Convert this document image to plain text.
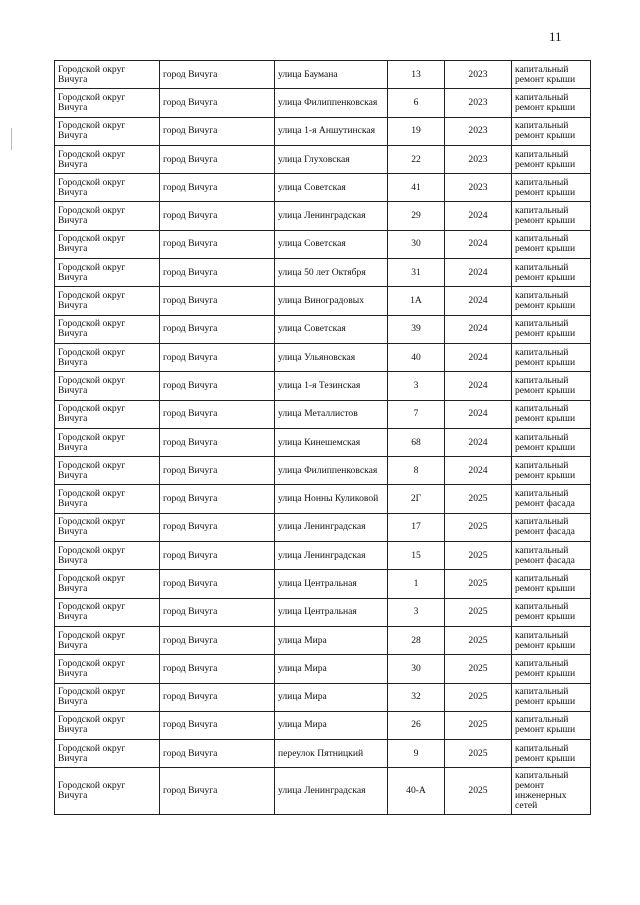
11
Городской округ Вичуга	город Вичуга	улица Баумана	13	2023	капитальный ремонт крыши
Городской округ Вичуга	город Вичуга	улица Филиппенковская	6	2023	капитальный ремонт крыши
Городской округ Вичуга	город Вичуга	улица 1-я Аншутинская	19	2023	капитальный ремонт крыши
Городской округ Вичуга	город Вичуга	улица Глуховская	22	2023	капитальный ремонт крыши
Городской округ Вичуга	город Вичуга	улица Советская	41	2023	капитальный ремонт крыши
Городской округ Вичуга	город Вичуга	улица Ленинградская	29	2024	капитальный ремонт крыши
Городской округ Вичуга	город Вичуга	улица Советская	30	2024	капитальный ремонт крыши
Городской округ Вичуга	город Вичуга	улица 50 лет Октября	31	2024	капитальный ремонт крыши
Городской округ Вичуга	город Вичуга	улица Виноградовых	1А	2024	капитальный ремонт крыши
Городской округ Вичуга	город Вичуга	улица Советская	39	2024	капитальный ремонт крыши
Городской округ Вичуга	город Вичуга	улица Ульяновская	40	2024	капитальный ремонт крыши
Городской округ Вичуга	город Вичуга	улица 1-я Тезинская	3	2024	капитальный ремонт крыши
Городской округ Вичуга	город Вичуга	улица Металлистов	7	2024	капитальный ремонт крыши
Городской округ Вичуга	город Вичуга	улица Кинешемская	68	2024	капитальный ремонт крыши
Городской округ Вичуга	город Вичуга	улица Филиппенковская	8	2024	капитальный ремонт крыши
Городской округ Вичуга	город Вичуга	улица Нонны Куликовой	2Г	2025	капитальный ремонт фасада
Городской округ Вичуга	город Вичуга	улица Ленинградская	17	2025	капитальный ремонт фасада
Городской округ Вичуга	город Вичуга	улица Ленинградская	15	2025	капитальный ремонт фасада
Городской округ Вичуга	город Вичуга	улица Центральная	1	2025	капитальный ремонт крыши
Городской округ Вичуга	город Вичуга	улица Центральная	3	2025	капитальный ремонт крыши
Городской округ Вичуга	город Вичуга	улица Мира	28	2025	капитальный ремонт крыши
Городской округ Вичуга	город Вичуга	улица Мира	30	2025	капитальный ремонт крыши
Городской округ Вичуга	город Вичуга	улица Мира	32	2025	капитальный ремонт крыши
Городской округ Вичуга	город Вичуга	улица Мира	26	2025	капитальный ремонт крыши
Городской округ Вичуга	город Вичуга	переулок Пятницкий	9	2025	капитальный ремонт крыши
Городской округ Вичуга	город Вичуга	улица Ленинградская	40-А	2025	капитальный ремонт инженерных сетей
